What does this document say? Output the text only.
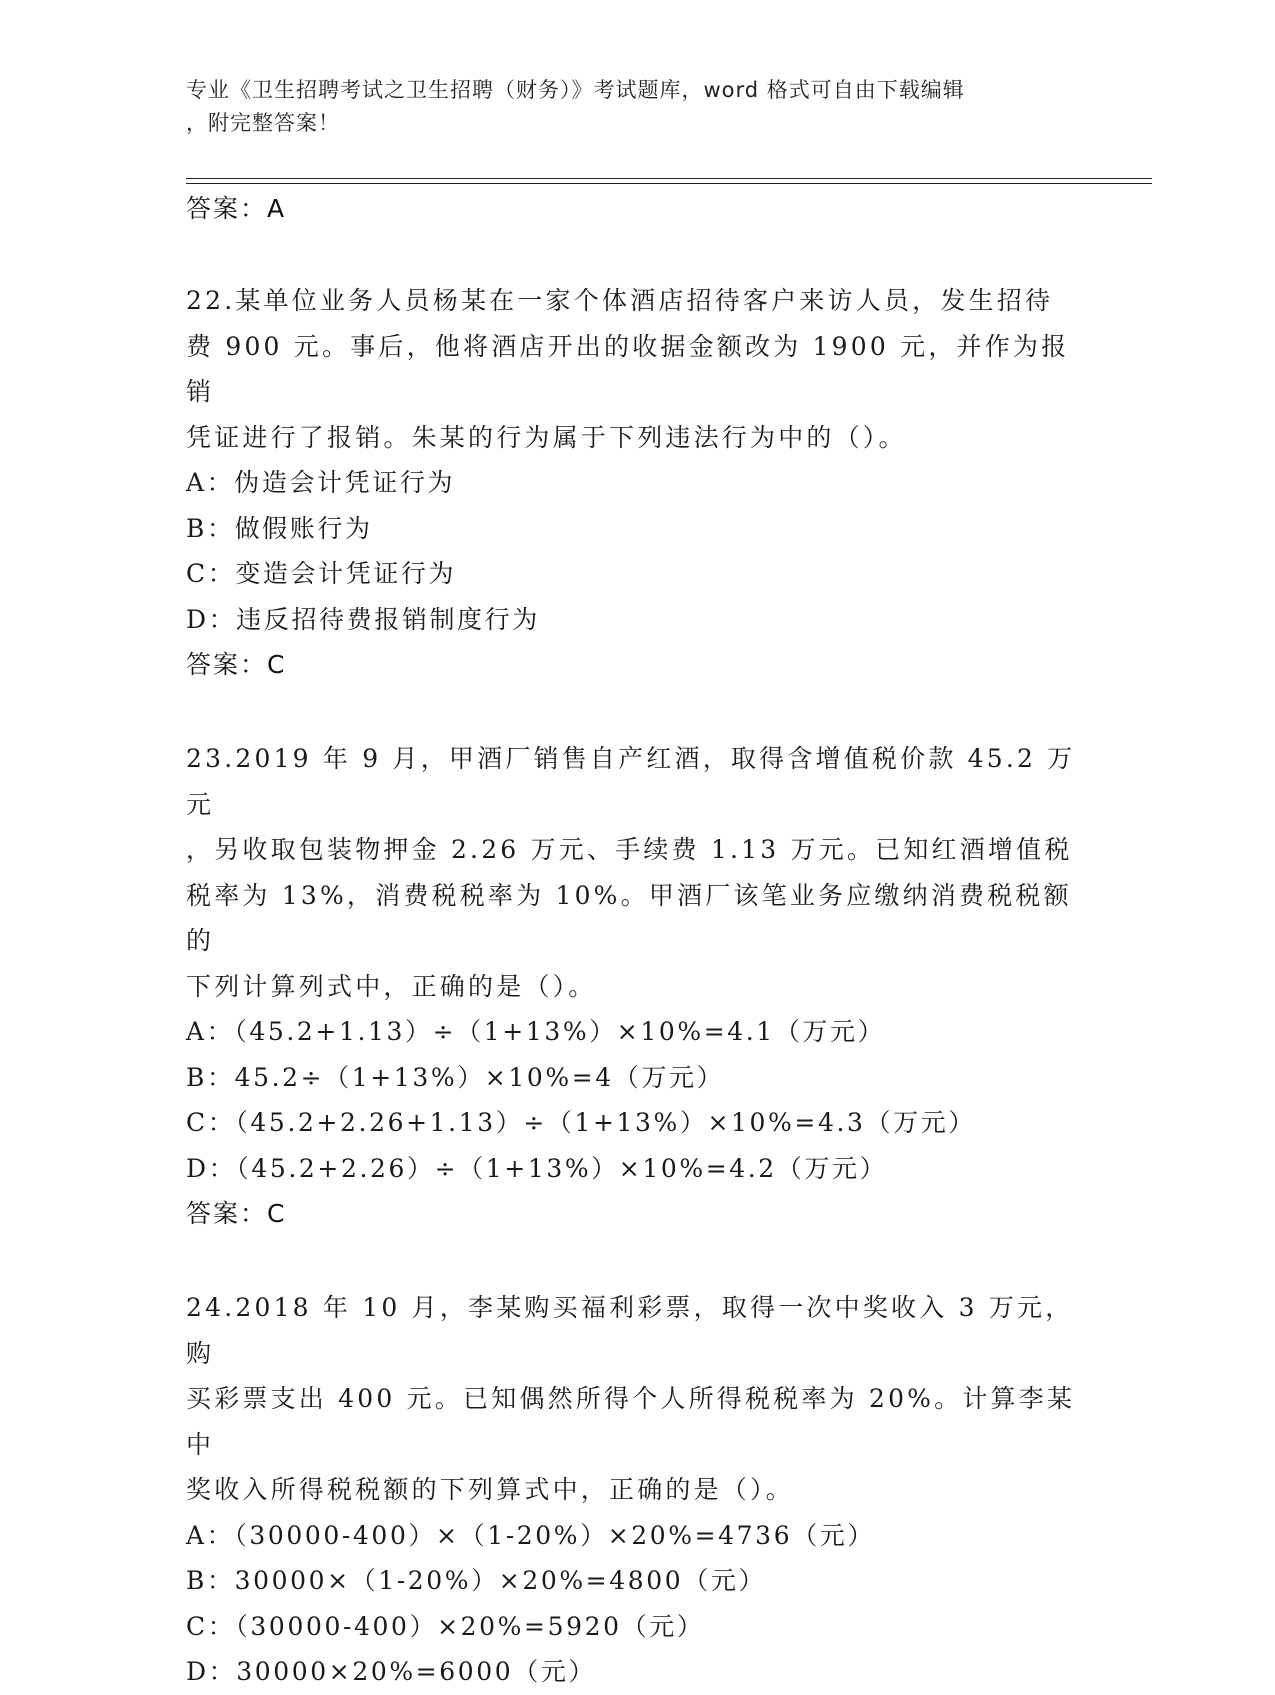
专业《卫生招聘考试之卫生招聘（财务）》考试题库，word 格式可自由下载编辑
，附完整答案！
答案：A

22.某单位业务人员杨某在一家个体酒店招待客户来访人员，发生招待

费 900 元。事后，他将酒店开出的收据金额改为 1900 元，并作为报销

凭证进行了报销。朱某的行为属于下列违法行为中的（）。

A：伪造会计凭证行为

B：做假账行为

C：变造会计凭证行为

D：违反招待费报销制度行为

答案：C

23.2019 年 9 月，甲酒厂销售自产红酒，取得含增值税价款 45.2 万元

，另收取包装物押金 2.26 万元、手续费 1.13 万元。已知红酒增值税

税率为 13%，消费税税率为 10%。甲酒厂该笔业务应缴纳消费税税额的

下列计算列式中，正确的是（）。

A：（45.2+1.13）÷（1+13%）×10%=4.1（万元）

B：45.2÷（1+13%）×10%=4（万元）

C：（45.2+2.26+1.13）÷（1+13%）×10%=4.3（万元）

D：（45.2+2.26）÷（1+13%）×10%=4.2（万元）

答案：C

24.2018 年 10 月，李某购买福利彩票，取得一次中奖收入 3 万元，购

买彩票支出 400 元。已知偶然所得个人所得税税率为 20%。计算李某中

奖收入所得税税额的下列算式中，正确的是（）。

A：（30000-400）×（1-20%）×20%=4736（元）

B：30000×（1-20%）×20%=4800（元）

C：（30000-400）×20%=5920（元）

D：30000×20%=6000（元）
